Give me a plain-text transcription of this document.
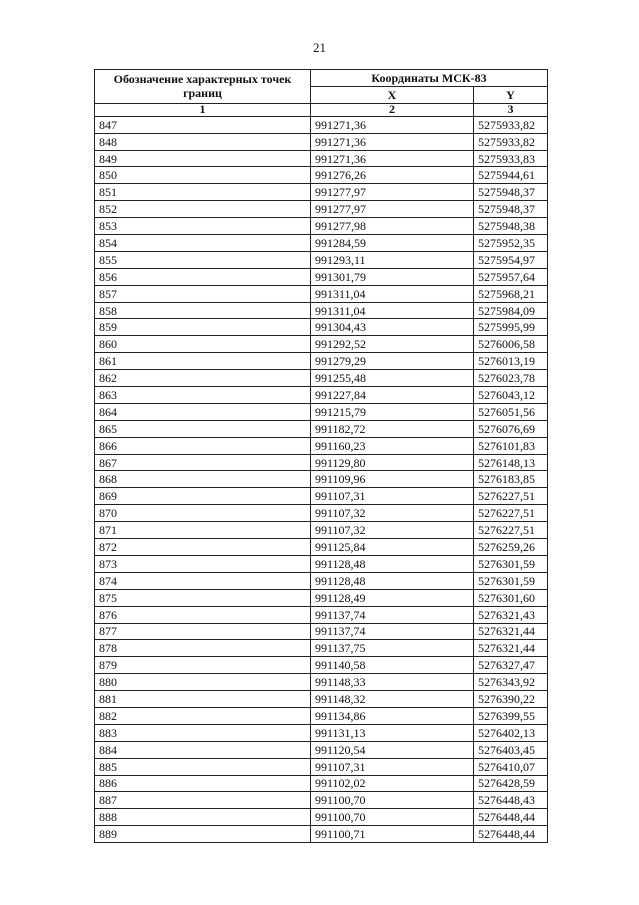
21
Обозначение характерных точек границ	Координаты МСК-83	
	X	Y
1	2	3
847	991271,36	5275933,82
848	991271,36	5275933,82
849	991271,36	5275933,83
850	991276,26	5275944,61
851	991277,97	5275948,37
852	991277,97	5275948,37
853	991277,98	5275948,38
854	991284,59	5275952,35
855	991293,11	5275954,97
856	991301,79	5275957,64
857	991311,04	5275968,21
858	991311,04	5275984,09
859	991304,43	5275995,99
860	991292,52	5276006,58
861	991279,29	5276013,19
862	991255,48	5276023,78
863	991227,84	5276043,12
864	991215,79	5276051,56
865	991182,72	5276076,69
866	991160,23	5276101,83
867	991129,80	5276148,13
868	991109,96	5276183,85
869	991107,31	5276227,51
870	991107,32	5276227,51
871	991107,32	5276227,51
872	991125,84	5276259,26
873	991128,48	5276301,59
874	991128,48	5276301,59
875	991128,49	5276301,60
876	991137,74	5276321,43
877	991137,74	5276321,44
878	991137,75	5276321,44
879	991140,58	5276327,47
880	991148,33	5276343,92
881	991148,32	5276390,22
882	991134,86	5276399,55
883	991131,13	5276402,13
884	991120,54	5276403,45
885	991107,31	5276410,07
886	991102,02	5276428,59
887	991100,70	5276448,43
888	991100,70	5276448,44
889	991100,71	5276448,44
